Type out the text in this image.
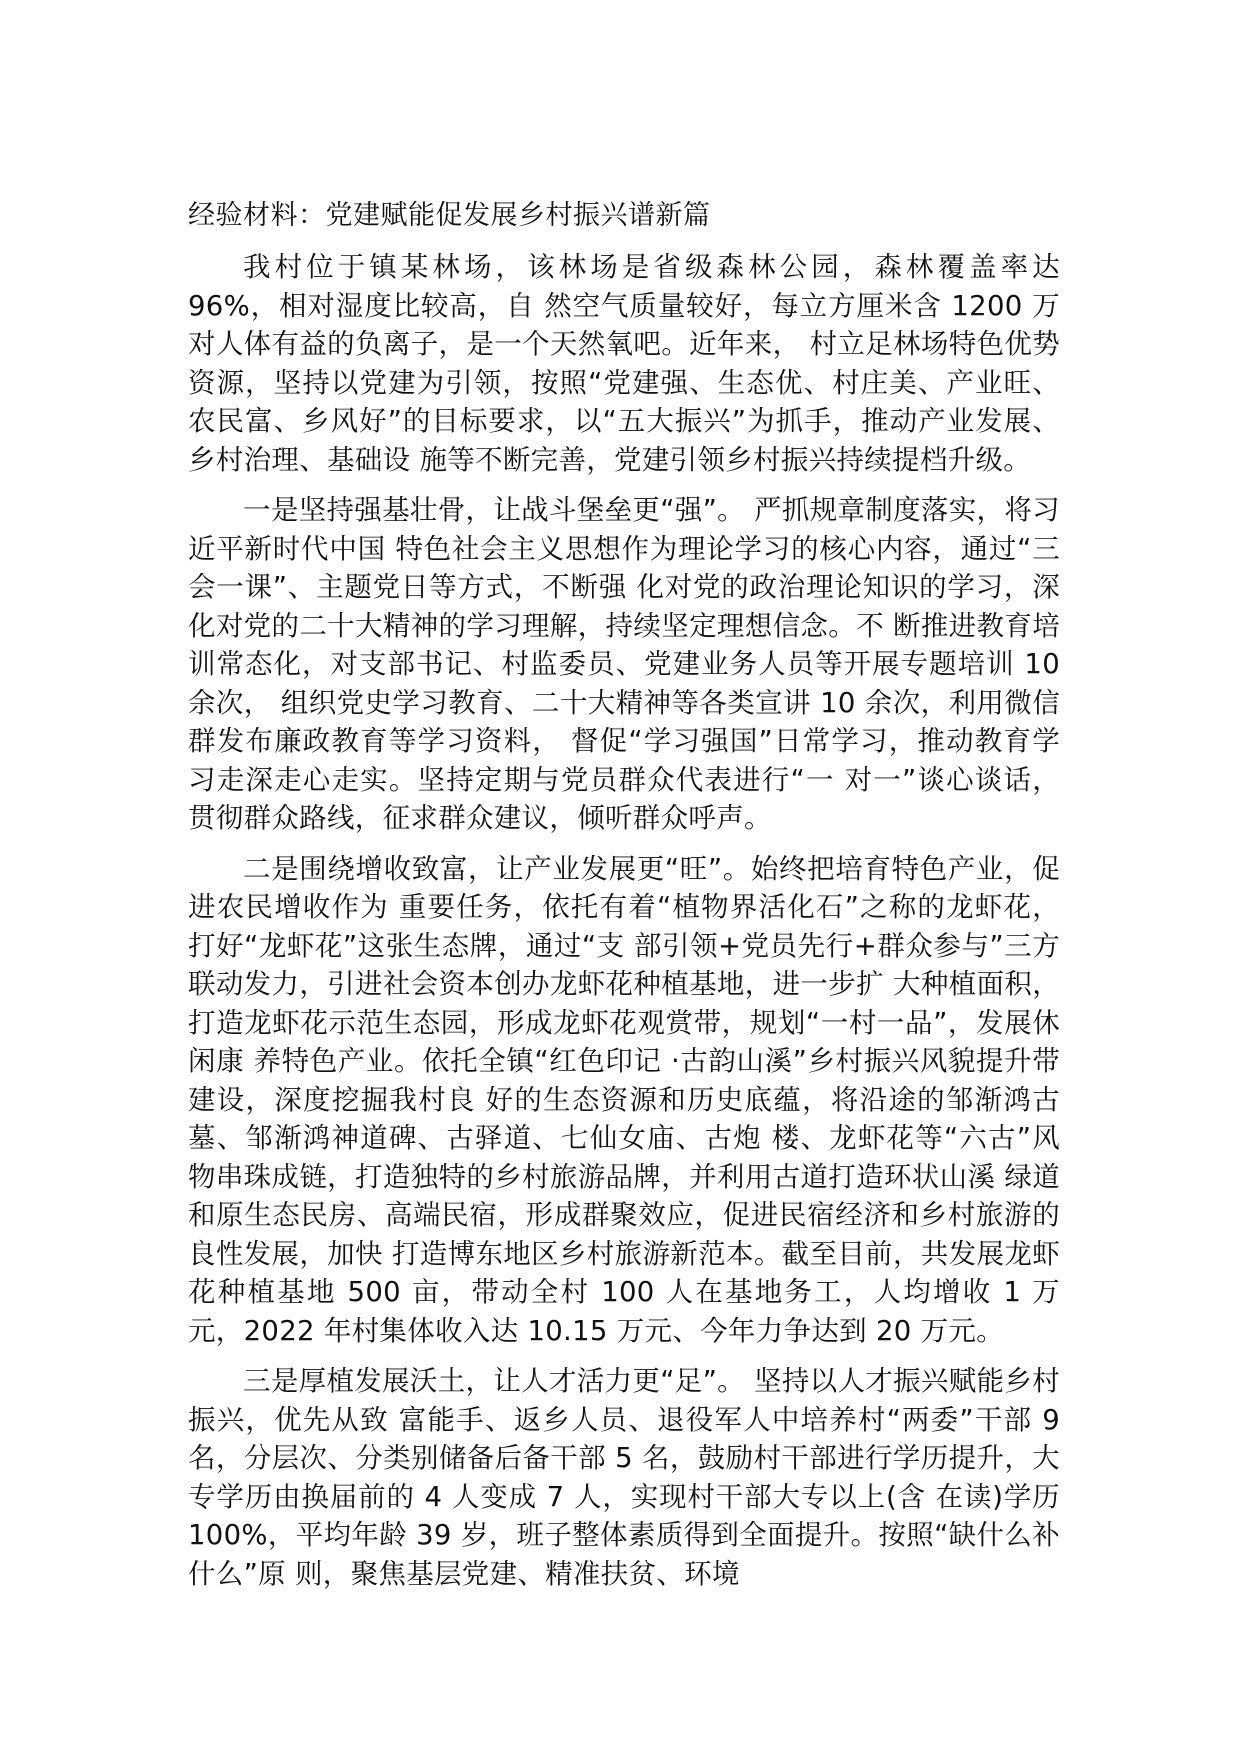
经验材料：党建赋能促发展乡村振兴谱新篇

我村位于镇某林场，该林场是省级森林公园，森林覆盖率达 96%，相对湿度比较高，自 然空气质量较好，每立方厘米含 1200 万对人体有益的负离子，是一个天然氧吧。近年来， 村立足林场特色优势资源，坚持以党建为引领，按照“党建强、生态优、村庄美、产业旺、 农民富、乡风好”的目标要求，以“五大振兴”为抓手，推动产业发展、乡村治理、基础设 施等不断完善，党建引领乡村振兴持续提档升级。

一是坚持强基壮骨，让战斗堡垒更“强”。 严抓规章制度落实，将习近平新时代中国 特色社会主义思想作为理论学习的核心内容，通过“三会一课”、主题党日等方式，不断强 化对党的政治理论知识的学习，深化对党的二十大精神的学习理解，持续坚定理想信念。不 断推进教育培训常态化，对支部书记、村监委员、党建业务人员等开展专题培训 10 余次， 组织党史学习教育、二十大精神等各类宣讲 10 余次，利用微信群发布廉政教育等学习资料， 督促“学习强国”日常学习，推动教育学习走深走心走实。坚持定期与党员群众代表进行“一 对一”谈心谈话，贯彻群众路线，征求群众建议，倾听群众呼声。

二是围绕增收致富，让产业发展更“旺”。始终把培育特色产业，促进农民增收作为 重要任务，依托有着“植物界活化石”之称的龙虾花，打好“龙虾花”这张生态牌，通过“支 部引领+党员先行+群众参与”三方联动发力，引进社会资本创办龙虾花种植基地，进一步扩 大种植面积，打造龙虾花示范生态园，形成龙虾花观赏带，规划“一村一品”，发展休闲康 养特色产业。依托全镇“红色印记 ·古韵山溪”乡村振兴风貌提升带建设，深度挖掘我村良 好的生态资源和历史底蕴，将沿途的邹渐鸿古墓、邹渐鸿神道碑、古驿道、七仙女庙、古炮 楼、龙虾花等“六古”风物串珠成链，打造独特的乡村旅游品牌，并利用古道打造环状山溪 绿道和原生态民房、高端民宿，形成群聚效应，促进民宿经济和乡村旅游的良性发展，加快 打造博东地区乡村旅游新范本。截至目前，共发展龙虾花种植基地 500 亩，带动全村 100 人在基地务工，人均增收 1 万元，2022 年村集体收入达 10.15 万元、今年力争达到 20 万元。

三是厚植发展沃土，让人才活力更“足”。 坚持以人才振兴赋能乡村振兴，优先从致 富能手、返乡人员、退役军人中培养村“两委”干部 9 名，分层次、分类别储备后备干部 5 名，鼓励村干部进行学历提升，大专学历由换届前的 4 人变成 7 人，实现村干部大专以上(含 在读)学历 100%，平均年龄 39 岁，班子整体素质得到全面提升。按照“缺什么补什么”原 则，聚焦基层党建、精准扶贫、环境
